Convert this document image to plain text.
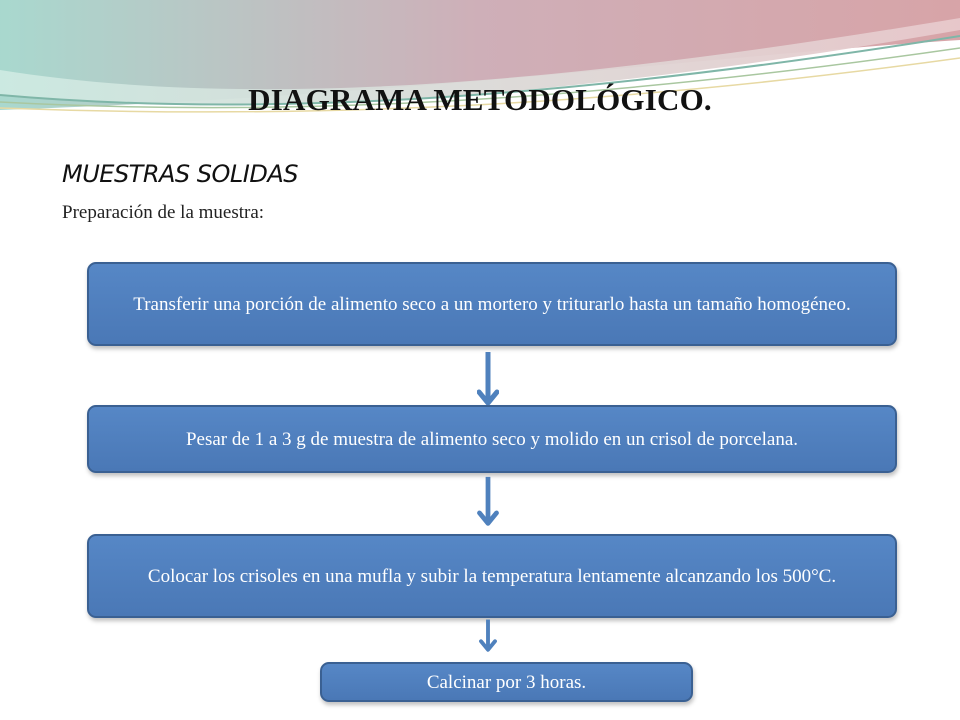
DIAGRAMA METODOLÓGICO.
MUESTRAS SOLIDAS
Preparación de la muestra:
Transferir una porción de alimento seco a un mortero y triturarlo hasta un tamaño homogéneo.
Pesar de 1 a 3 g de muestra de alimento seco y molido en un crisol de porcelana.
Colocar los crisoles en una mufla y subir la temperatura lentamente alcanzando los 500°C.
Calcinar por 3 horas.
